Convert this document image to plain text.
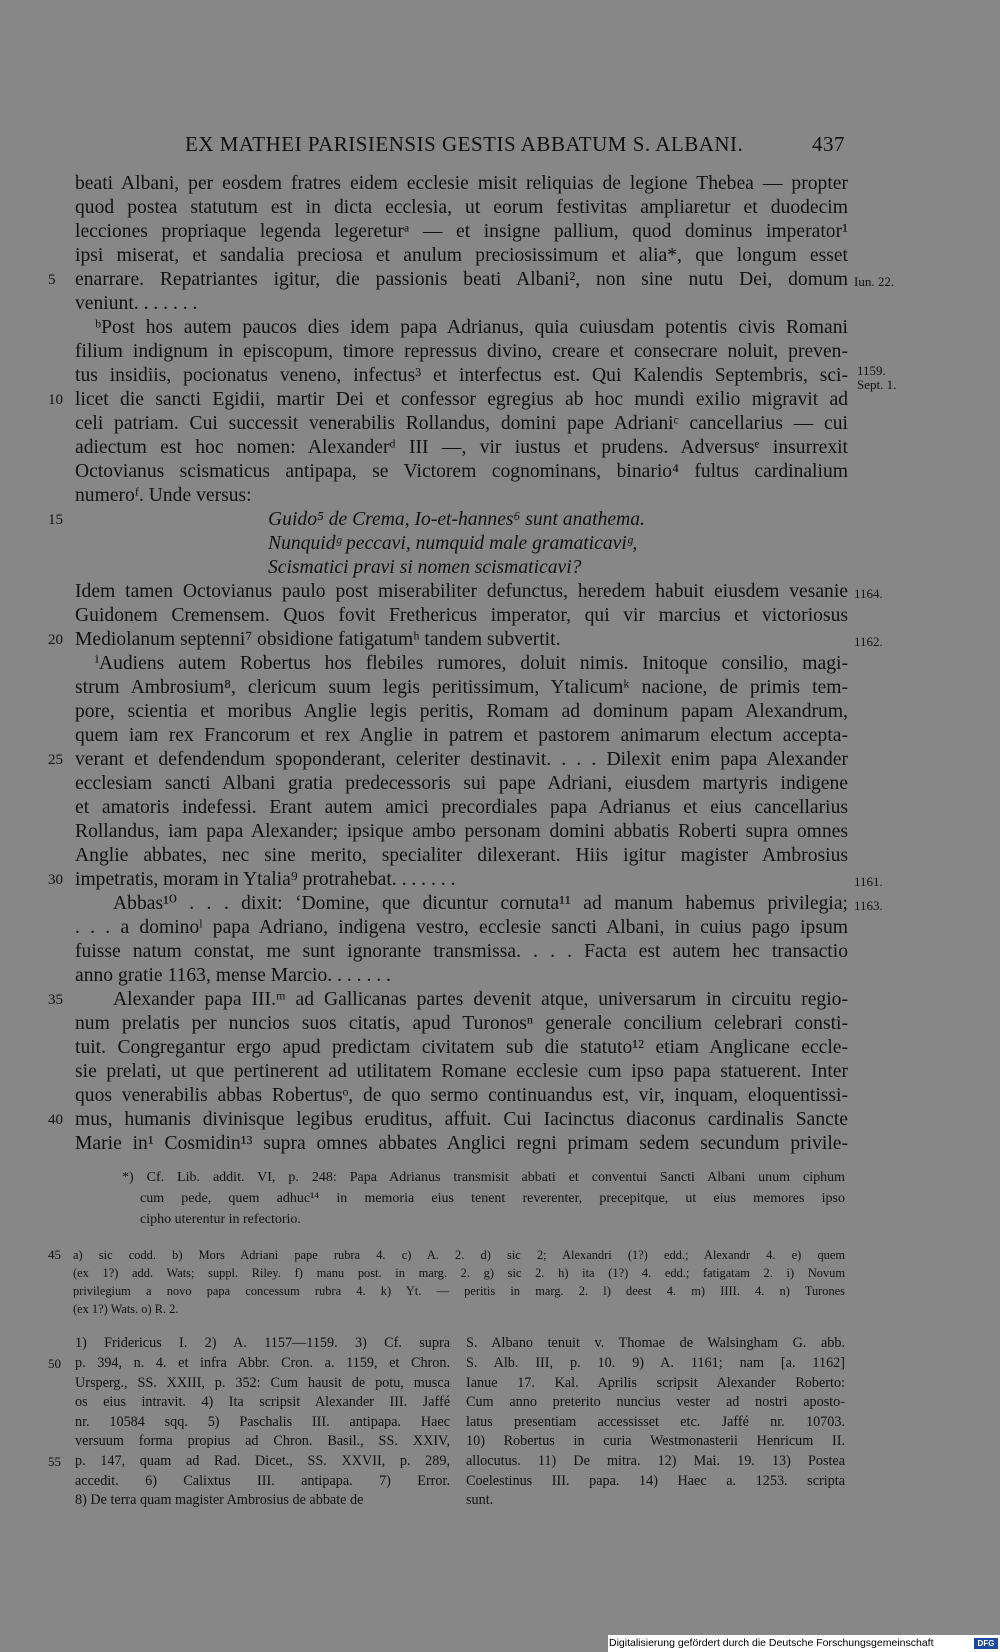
EX MATHEI PARISIENSIS GESTIS ABBATUM S. ALBANI.	437
beati Albani, per eosdem fratres eidem ecclesie misit reliquias de legione Thebea — propter
quod postea statutum est in dicta ecclesia, ut eorum festivitas ampliaretur et duodecim
lecciones propriaque legenda legereturᵃ — et insigne pallium, quod dominus imperator¹
ipsi miserat, et sandalia preciosa et anulum preciosissimum et alia*, que longum esset
enarrare. Repatriantes igitur, die passionis beati Albani², non sine nutu Dei, domum
veniunt. . . . . . .
ᵇPost hos autem paucos dies idem papa Adrianus, quia cuiusdam potentis civis Romani
filium indignum in episcopum, timore repressus divino, creare et consecrare noluit, preven-
tus insidiis, pocionatus veneno, infectus³ et interfectus est. Qui Kalendis Septembris, sci-
licet die sancti Egidii, martir Dei et confessor egregius ab hoc mundi exilio migravit ad
celi patriam. Cui successit venerabilis Rollandus, domini pape Adrianiᶜ cancellarius — cui
adiectum est hoc nomen: Alexanderᵈ III —, vir iustus et prudens. Adversusᵉ insurrexit
Octovianus scismaticus antipapa, se Victorem cognominans, binario⁴ fultus cardinalium
numeroᶠ. Unde versus:
Guido⁵ de Crema, Io-et-hannes⁶ sunt anathema.
Nunquidᵍ peccavi, numquid male gramaticaviᵍ,
Scismatici pravi si nomen scismaticavi?
Idem tamen Octovianus paulo post miserabiliter defunctus, heredem habuit eiusdem vesanie
Guidonem Cremensem. Quos fovit Frethericus imperator, qui vir marcius et victoriosus
Mediolanum septenni⁷ obsidione fatigatumʰ tandem subvertit.
ⁱAudiens autem Robertus hos flebiles rumores, doluit nimis. Initoque consilio, magi-
strum Ambrosium⁸, clericum suum legis peritissimum, Ytalicumᵏ nacione, de primis tem-
pore, scientia et moribus Anglie legis peritis, Romam ad dominum papam Alexandrum,
quem iam rex Francorum et rex Anglie in patrem et pastorem animarum electum accepta-
verant et defendendum spoponderant, celeriter destinavit. . . . Dilexit enim papa Alexander
ecclesiam sancti Albani gratia predecessoris sui pape Adriani, eiusdem martyris indigene
et amatoris indefessi. Erant autem amici precordiales papa Adrianus et eius cancellarius
Rollandus, iam papa Alexander; ipsique ambo personam domini abbatis Roberti supra omnes
Anglie abbates, nec sine merito, specialiter dilexerant. Hiis igitur magister Ambrosius
impetratis, moram in Ytalia⁹ protrahebat. . . . . . .
Abbas¹⁰ . . . dixit: ‘Domine, que dicuntur cornuta¹¹ ad manum habemus privilegia;
. . . a dominoˡ papa Adriano, indigena vestro, ecclesie sancti Albani, in cuius pago ipsum
fuisse natum constat, me sunt ignorante transmissa. . . . Facta est autem hec transactio
anno gratie 1163, mense Marcio. . . . . . .
Alexander papa III.ᵐ ad Gallicanas partes devenit atque, universarum in circuitu regio-
num prelatis per nuncios suos citatis, apud Turonosⁿ generale concilium celebrari consti-
tuit. Congregantur ergo apud predictam civitatem sub die statuto¹² etiam Anglicane eccle-
sie prelati, ut que pertinerent ad utilitatem Romane ecclesie cum ipso papa statuerent. Inter
quos venerabilis abbas Robertusᵒ, de quo sermo continuandus est, vir, inquam, eloquentissi-
mus, humanis divinisque legibus eruditus, affuit. Cui Iacinctus diaconus cardinalis Sancte
Marie in¹ Cosmidin¹³ supra omnes abbates Anglici regni primam sedem secundum privile-
5
10
15
20
25
30
35
40
Iun. 22.
1159.
Sept. 1.
1164.
1162.
1161.
1163.
*) Cf. Lib. addit. VI, p. 248: Papa Adrianus transmisit abbati et conventui Sancti Albani unum ciphum
cum pede, quem adhuc¹⁴ in memoria eius tenent reverenter, precepitque, ut eius memores ipso
cipho uterentur in refectorio.
45 a) sic codd. b) Mors Adriani pape rubra 4. c) A. 2. d) sic 2; Alexandri (1?) edd.; Alexandr 4. e) quem
(ex 1?) add. Wats; suppl. Riley. f) manu post. in marg. 2. g) sic 2. h) ita (1?) 4. edd.; fatigatam 2. i) Novum
privilegium a novo papa concessum rubra 4. k) Yt. — peritis in marg. 2. l) deest 4. m) IIII. 4. n) Turones
(ex 1?) Wats. o) R. 2.
50
55
1) Fridericus I. 2) A. 1157—1159. 3) Cf. supra
p. 394, n. 4. et infra Abbr. Cron. a. 1159, et Chron.
Ursperg., SS. XXIII, p. 352: Cum hausit de potu, musca
os eius intravit. 4) Ita scripsit Alexander III. Jaffé
nr. 10584 sqq. 5) Paschalis III. antipapa. Haec
versuum forma propius ad Chron. Basil., SS. XXIV,
p. 147, quam ad Rad. Dicet., SS. XXVII, p. 289,
accedit. 6) Calixtus III. antipapa. 7) Error.
8) De terra quam magister Ambrosius de abbate de
S. Albano tenuit v. Thomae de Walsingham G. abb.
S. Alb. III, p. 10. 9) A. 1161; nam [a. 1162]
Ianue 17. Kal. Aprilis scripsit Alexander Roberto:
Cum anno preterito nuncius vester ad nostri aposto-
latus presentiam accessisset etc. Jaffé nr. 10703.
10) Robertus in curia Westmonasterii Henricum II.
allocutus. 11) De mitra. 12) Mai. 19. 13) Postea
Coelestinus III. papa. 14) Haec a. 1253. scripta
sunt.
Digitalisierung gefördert durch die Deutsche Forschungsgemeinschaft	DFG
